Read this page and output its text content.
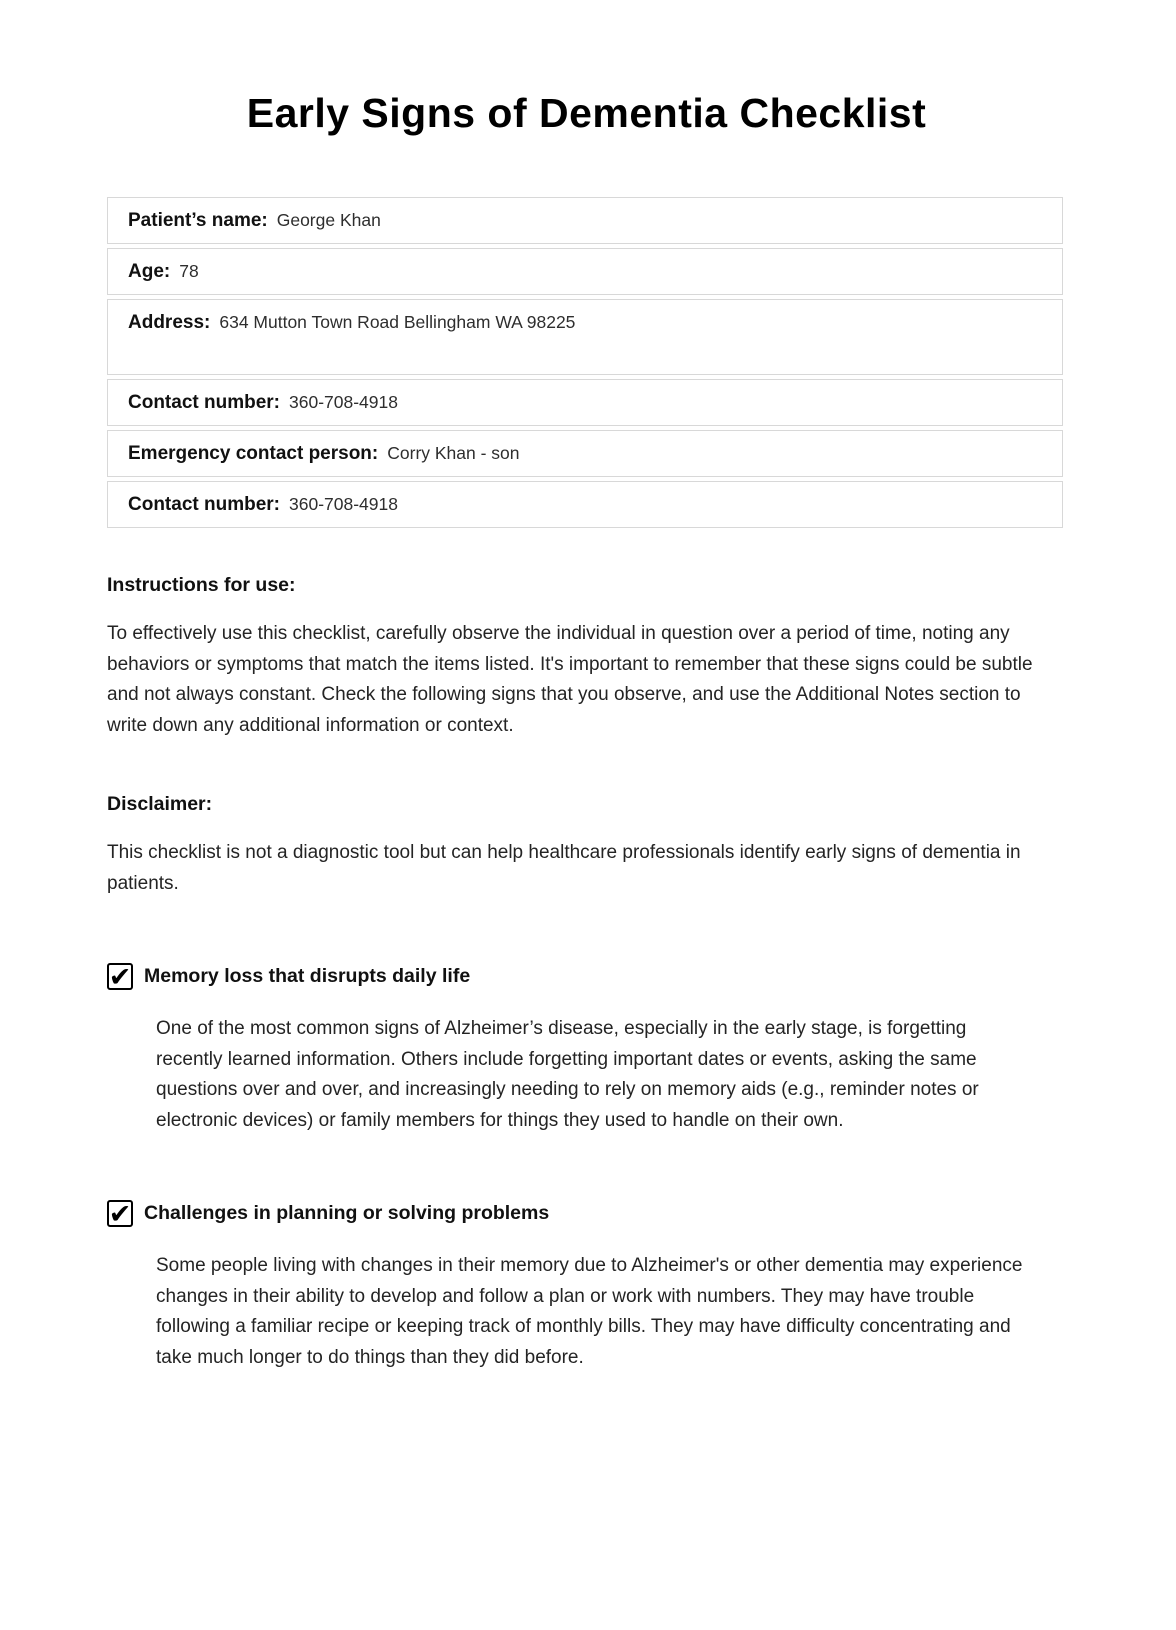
Early Signs of Dementia Checklist
Patient’s name: George Khan
Age: 78
Address: 634 Mutton Town Road Bellingham WA 98225
Contact number: 360-708-4918
Emergency contact person: Corry Khan - son
Contact number: 360-708-4918
Instructions for use:

To effectively use this checklist, carefully observe the individual in question over a period of time, noting any behaviors or symptoms that match the items listed. It's important to remember that these signs could be subtle and not always constant. Check the following signs that you observe, and use the Additional Notes section to write down any additional information or context.

Disclaimer:

This checklist is not a diagnostic tool but can help healthcare professionals identify early signs of dementia in patients.

✔ Memory loss that disrupts daily life

One of the most common signs of Alzheimer’s disease, especially in the early stage, is forgetting recently learned information. Others include forgetting important dates or events, asking the same questions over and over, and increasingly needing to rely on memory aids (e.g., reminder notes or electronic devices) or family members for things they used to handle on their own.

✔ Challenges in planning or solving problems

Some people living with changes in their memory due to Alzheimer's or other dementia may experience changes in their ability to develop and follow a plan or work with numbers. They may have trouble following a familiar recipe or keeping track of monthly bills. They may have difficulty concentrating and take much longer to do things than they did before.
